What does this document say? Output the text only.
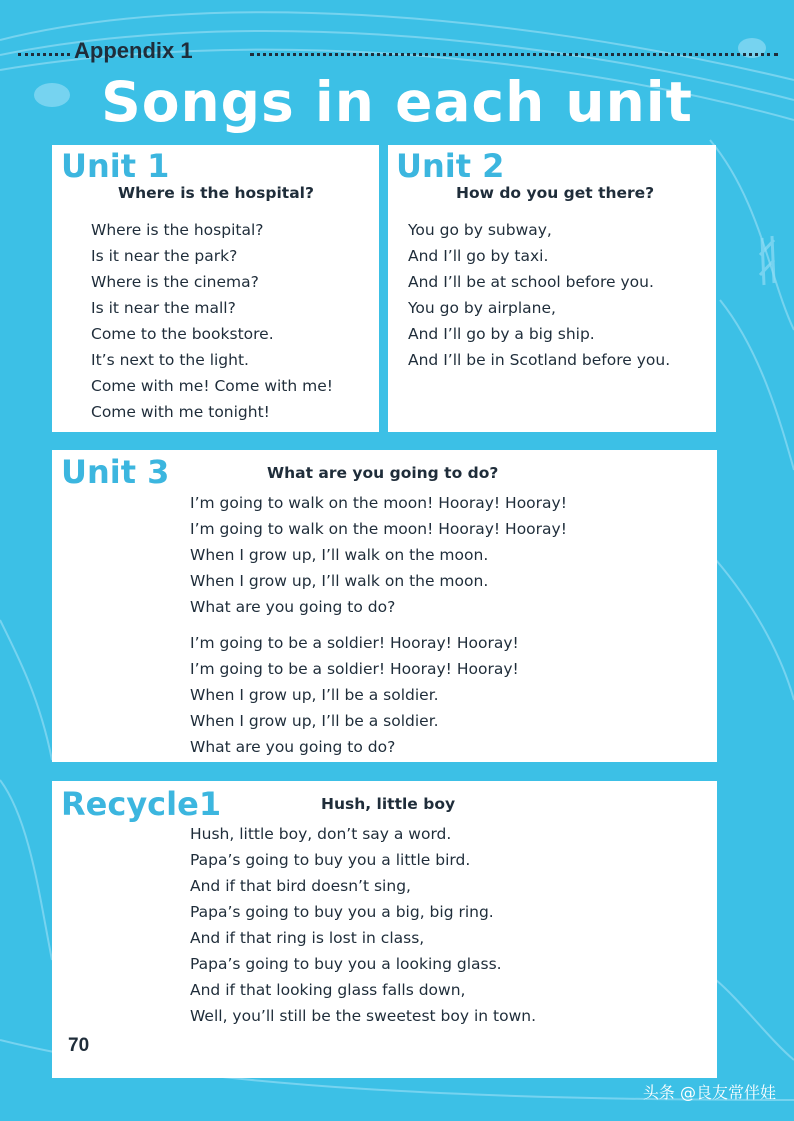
Appendix 1
Songs in each unit
Unit 1
Where is the hospital?
Where is the hospital?
Is it near the park?
Where is the cinema?
Is it near the mall?
Come to the bookstore.
It’s next to the light.
Come with me! Come with me!
Come with me tonight!
Unit 2
How do you get there?
You go by subway,
And I’ll go by taxi.
And I’ll be at school before you.
You go by airplane,
And I’ll go by a big ship.
And I’ll be in Scotland before you.
Unit 3	What are you going to do?
I’m going to walk on the moon! Hooray! Hooray!
I’m going to walk on the moon! Hooray! Hooray!
When I grow up, I’ll walk on the moon.
When I grow up, I’ll walk on the moon.
What are you going to do?
I’m going to be a soldier! Hooray! Hooray!
I’m going to be a soldier! Hooray! Hooray!
When I grow up, I’ll be a soldier.
When I grow up, I’ll be a soldier.
What are you going to do?
Recycle1	Hush, little boy
Hush, little boy, don’t say a word.
Papa’s going to buy you a little bird.
And if that bird doesn’t sing,
Papa’s going to buy you a big, big ring.
And if that ring is lost in class,
Papa’s going to buy you a looking glass.
And if that looking glass falls down,
Well, you’ll still be the sweetest boy in town.
70
头条 @良友常伴娃
